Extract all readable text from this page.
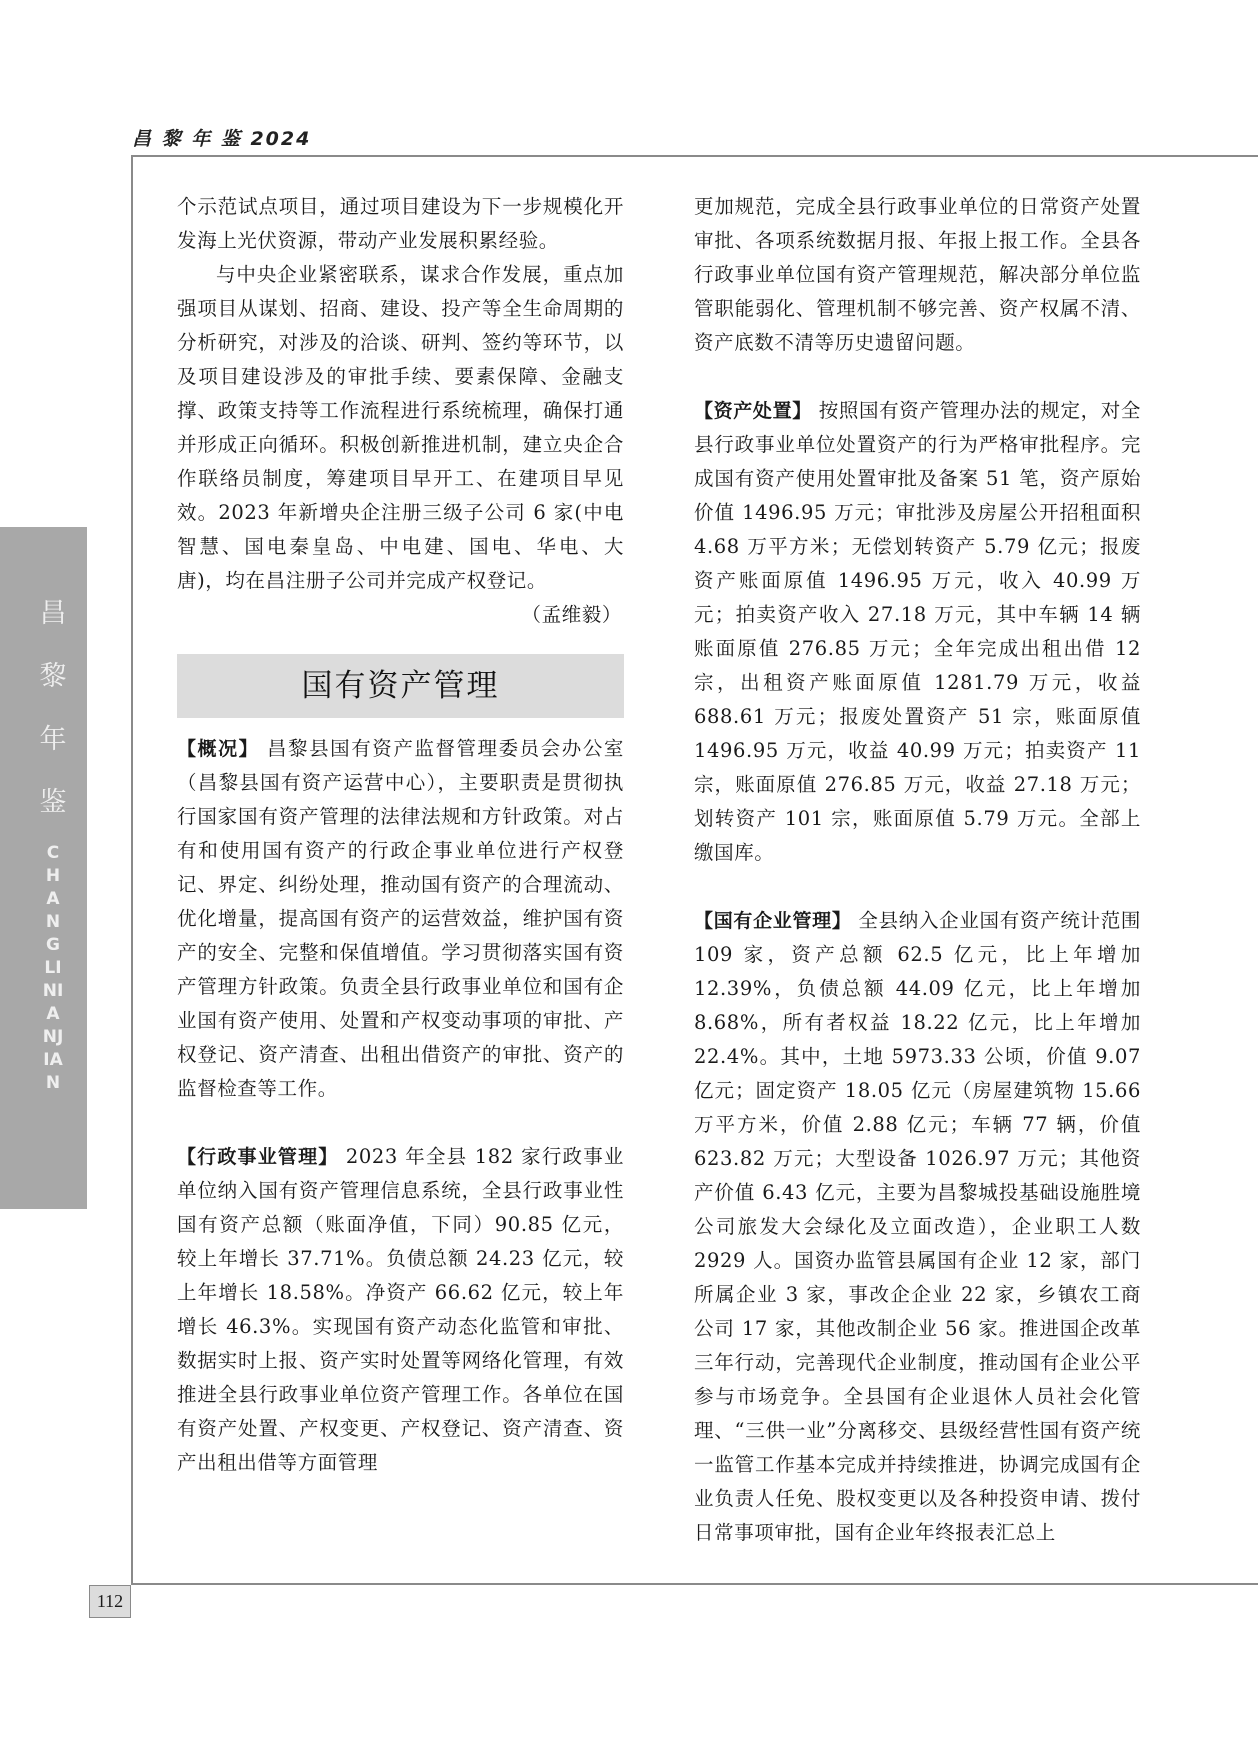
昌 黎 年 鉴 2024
昌
黎
年
鉴
CHANGLINIANJIAN
112

个示范试点项目，通过项目建设为下一步规模化开发海上光伏资源，带动产业发展积累经验。

与中央企业紧密联系，谋求合作发展，重点加强项目从谋划、招商、建设、投产等全生命周期的分析研究，对涉及的洽谈、研判、签约等环节，以及项目建设涉及的审批手续、要素保障、金融支撑、政策支持等工作流程进行系统梳理，确保打通并形成正向循环。积极创新推进机制，建立央企合作联络员制度，筹建项目早开工、在建项目早见效。2023 年新增央企注册三级子公司 6 家(中电智慧、国电秦皇岛、中电建、国电、华电、大唐)，均在昌注册子公司并完成产权登记。

（孟维毅）

国有资产管理

【概况】 昌黎县国有资产监督管理委员会办公室（昌黎县国有资产运营中心），主要职责是贯彻执行国家国有资产管理的法律法规和方针政策。对占有和使用国有资产的行政企事业单位进行产权登记、界定、纠纷处理，推动国有资产的合理流动、优化增量，提高国有资产的运营效益，维护国有资产的安全、完整和保值增值。学习贯彻落实国有资产管理方针政策。负责全县行政事业单位和国有企业国有资产使用、处置和产权变动事项的审批、产权登记、资产清查、出租出借资产的审批、资产的监督检查等工作。

【行政事业管理】 2023 年全县 182 家行政事业单位纳入国有资产管理信息系统，全县行政事业性国有资产总额（账面净值，下同）90.85 亿元，较上年增长 37.71%。负债总额 24.23 亿元，较上年增长 18.58%。净资产 66.62 亿元，较上年增长 46.3%。实现国有资产动态化监管和审批、数据实时上报、资产实时处置等网络化管理，有效推进全县行政事业单位资产管理工作。各单位在国有资产处置、产权变更、产权登记、资产清查、资产出租出借等方面管理

更加规范，完成全县行政事业单位的日常资产处置审批、各项系统数据月报、年报上报工作。全县各行政事业单位国有资产管理规范，解决部分单位监管职能弱化、管理机制不够完善、资产权属不清、资产底数不清等历史遗留问题。

【资产处置】 按照国有资产管理办法的规定，对全县行政事业单位处置资产的行为严格审批程序。完成国有资产使用处置审批及备案 51 笔，资产原始价值 1496.95 万元；审批涉及房屋公开招租面积 4.68 万平方米；无偿划转资产 5.79 亿元；报废资产账面原值 1496.95 万元，收入 40.99 万元；拍卖资产收入 27.18 万元，其中车辆 14 辆账面原值 276.85 万元；全年完成出租出借 12 宗，出租资产账面原值 1281.79 万元，收益 688.61 万元；报废处置资产 51 宗，账面原值 1496.95 万元，收益 40.99 万元；拍卖资产 11 宗，账面原值 276.85 万元，收益 27.18 万元；划转资产 101 宗，账面原值 5.79 万元。全部上缴国库。

【国有企业管理】 全县纳入企业国有资产统计范围 109 家，资产总额 62.5 亿元，比上年增加 12.39%，负债总额 44.09 亿元，比上年增加 8.68%，所有者权益 18.22 亿元，比上年增加 22.4%。其中，土地 5973.33 公顷，价值 9.07 亿元；固定资产 18.05 亿元（房屋建筑物 15.66 万平方米，价值 2.88 亿元；车辆 77 辆，价值 623.82 万元；大型设备 1026.97 万元；其他资产价值 6.43 亿元，主要为昌黎城投基础设施胜境公司旅发大会绿化及立面改造），企业职工人数 2929 人。国资办监管县属国有企业 12 家，部门所属企业 3 家，事改企企业 22 家，乡镇农工商公司 17 家，其他改制企业 56 家。推进国企改革三年行动，完善现代企业制度，推动国有企业公平参与市场竞争。全县国有企业退休人员社会化管理、“三供一业”分离移交、县级经营性国有资产统一监管工作基本完成并持续推进，协调完成国有企业负责人任免、股权变更以及各种投资申请、拨付日常事项审批，国有企业年终报表汇总上
